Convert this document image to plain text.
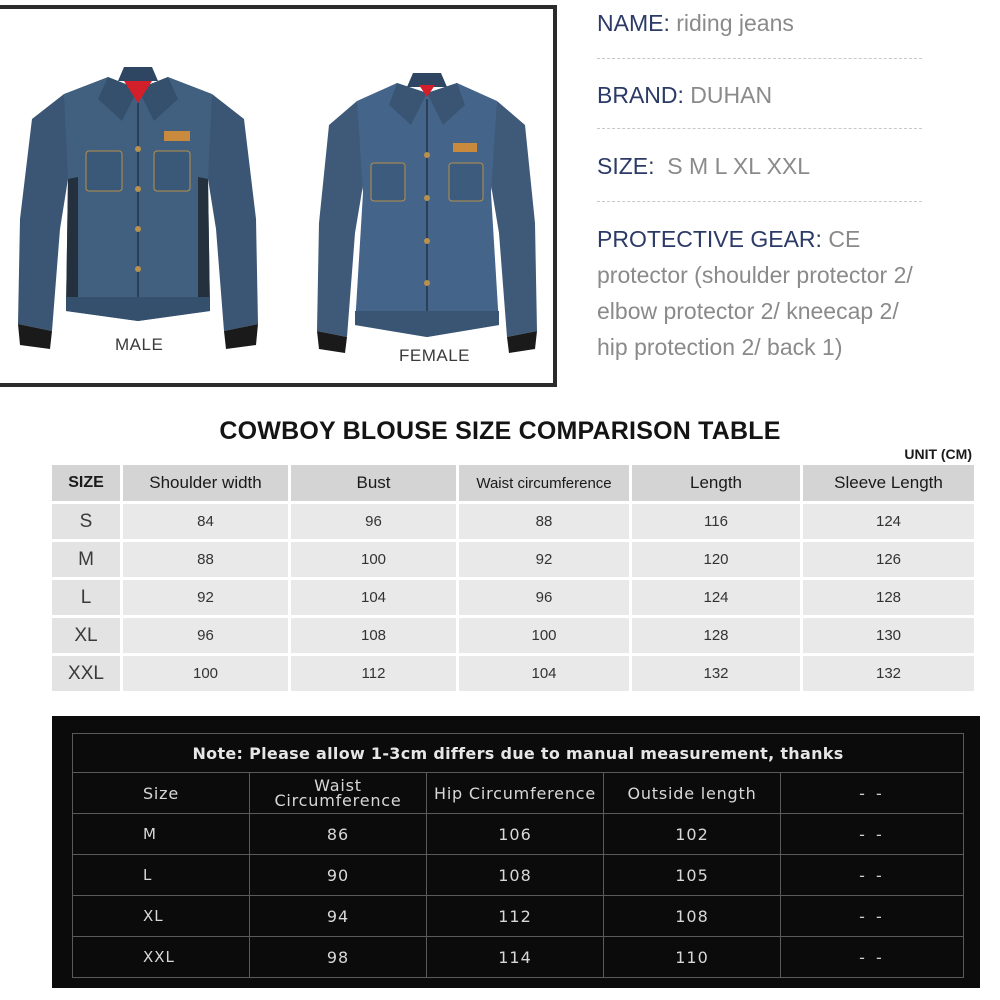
MALE
FEMALE
NAME: riding jeans
BRAND: DUHAN
SIZE:  S M L XL XXL
PROTECTIVE GEAR: CE protector (shoulder protector 2/ elbow protector 2/ kneecap 2/ hip protection 2/ back 1)
COWBOY BLOUSE SIZE COMPARISON TABLE
UNIT (CM)
SIZE	Shoulder width	Bust	Waist circumference	Length	Sleeve Length
S	84	96	88	116	124
M	88	100	92	120	126
L	92	104	96	124	128
XL	96	108	100	128	130
XXL	100	112	104	132	132
Note: Please allow 1-3cm differs due to manual measurement, thanks				
Size	Waist Circumference	Hip Circumference	Outside length	- -
M	86	106	102	- -
L	90	108	105	- -
XL	94	112	108	- -
XXL	98	114	110	- -
